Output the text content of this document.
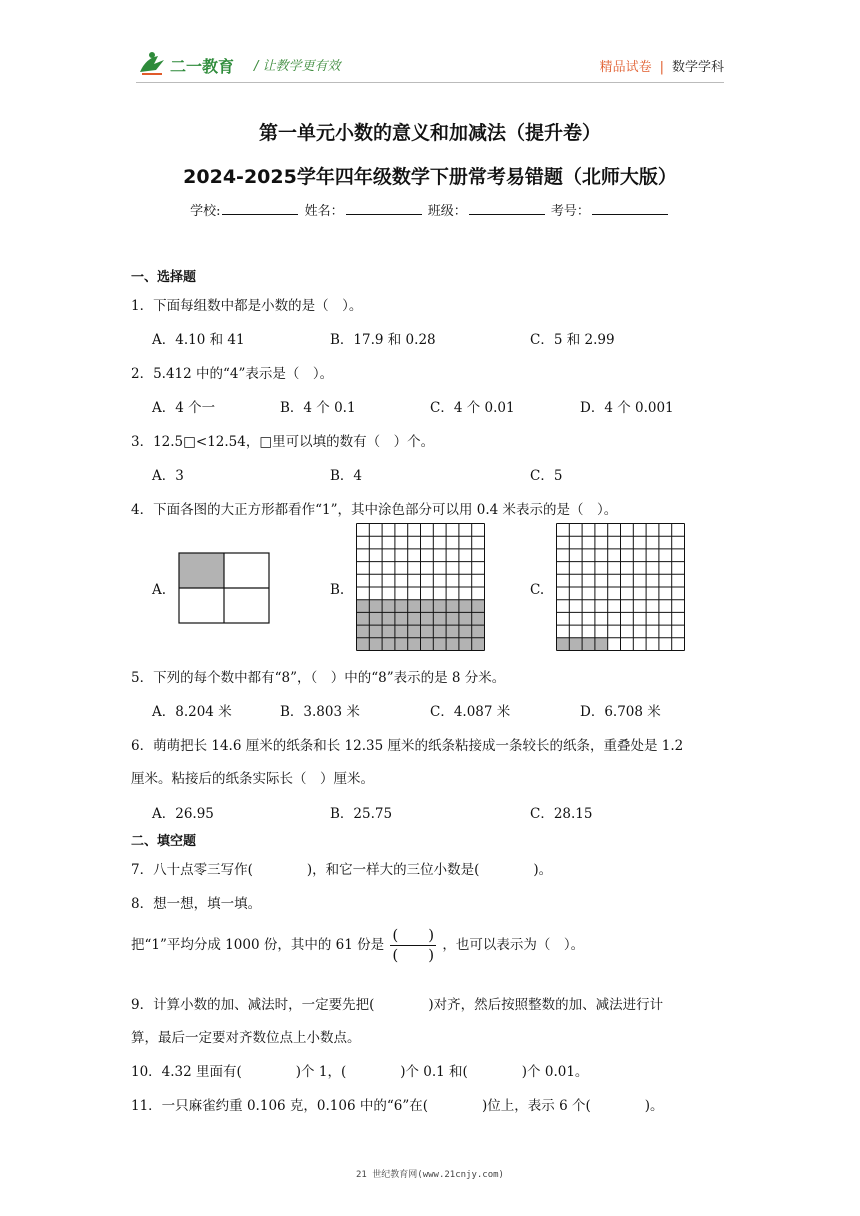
二一教育 / 让教学更有效	精品试卷 | 数学学科
第一单元小数的意义和加减法（提升卷）
2024-2025学年四年级数学下册常考易错题（北师大版）
学校:	姓名：	班级：	考号：
一、选择题
1．下面每组数中都是小数的是（　）。
A．4.10 和 41	B．17.9 和 0.28	C．5 和 2.99
2．5.412 中的“4”表示是（　）。
A．4 个一	B．4 个 0.1	C．4 个 0.01	D．4 个 0.001
3．12.5□<12.54，□里可以填的数有（　）个。
A．3	B．4	C．5
4．下面各图的大正方形都看作“1”，其中涂色部分可以用 0.4 米表示的是（　）。
A.	B.	C.
5．下列的每个数中都有“8”，（　）中的“8”表示的是 8 分米。
A．8.204 米	B．3.803 米	C．4.087 米	D．6.708 米
6．萌萌把长 14.6 厘米的纸条和长 12.35 厘米的纸条粘接成一条较长的纸条，重叠处是 1.2
厘米。粘接后的纸条实际长（　）厘米。
A．26.95	B．25.75	C．28.15
二、填空题
7．八十点零三写作(　　　　)，和它一样大的三位小数是(　　　　)。
8．想一想，填一填。
把“1”平均分成 1000 份，其中的 61 份是 $\frac{( )}{( )}$ ，也可以表示为（　）。
9．计算小数的加、减法时，一定要先把(　　　　)对齐，然后按照整数的加、减法进行计
算，最后一定要对齐数位点上小数点。
10．4.32 里面有(　　　　)个 1，(　　　　)个 0.1 和(　　　　)个 0.01。
11．一只麻雀约重 0.106 克，0.106 中的“6”在(　　　　)位上，表示 6 个(　　　　)。
21 世纪教育网(www.21cnjy.com)
